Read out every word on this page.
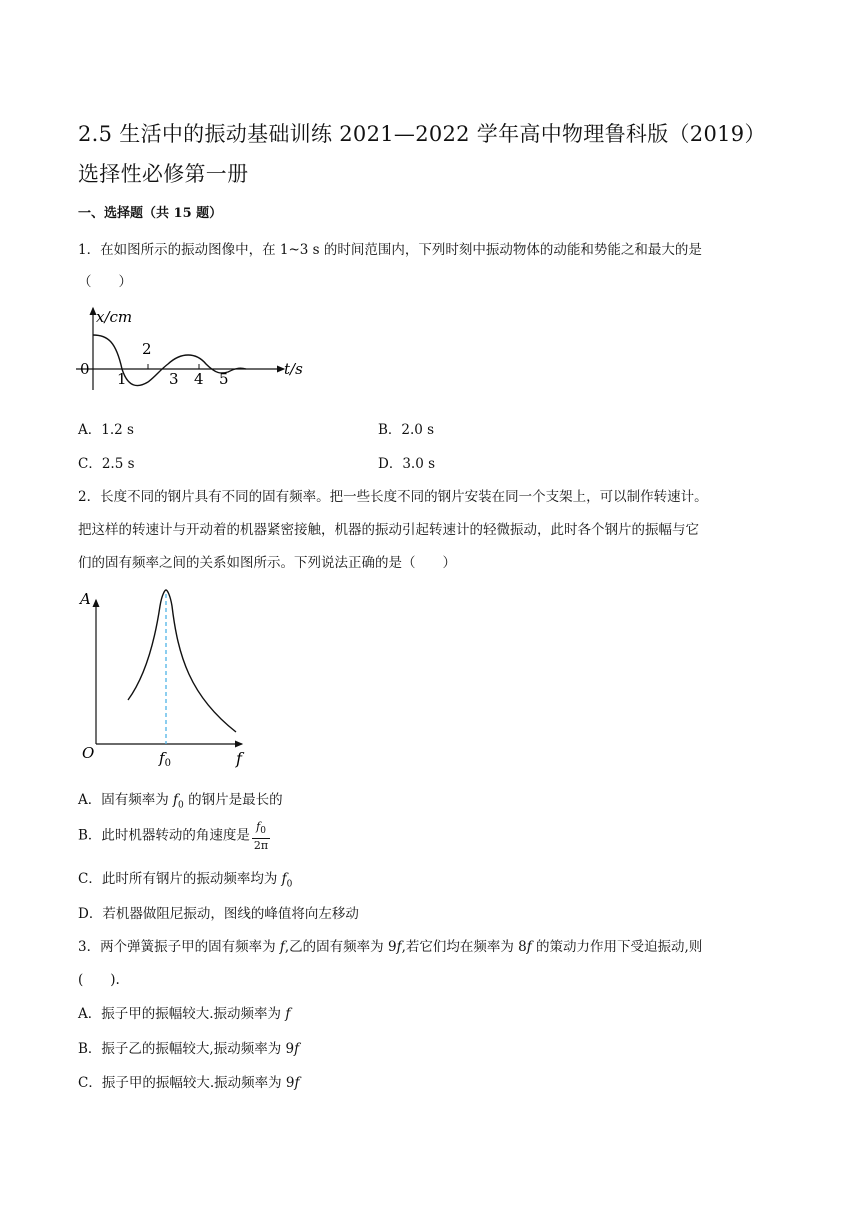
2.5 生活中的振动基础训练 2021—2022 学年高中物理鲁科版（2019）
选择性必修第一册
一、选择题（共 15 题）
1．在如图所示的振动图像中，在 1~3 s 的时间范围内，下列时刻中振动物体的动能和势能之和最大的是
（　　）
x/cm
t/s
0
1
2
3 4 5
A．1.2 s	B．2.0 s
C．2.5 s	D．3.0 s
2．长度不同的钢片具有不同的固有频率。把一些长度不同的钢片安装在同一个支架上，可以制作转速计。
把这样的转速计与开动着的机器紧密接触，机器的振动引起转速计的轻微振动，此时各个钢片的振幅与它
们的固有频率之间的关系如图所示。下列说法正确的是（　　）
A
f
O	$f_0$
A．固有频率为 $f_0$ 的钢片是最长的
B．此时机器转动的角速度是 $\frac{f_0}{2\pi}$
C．此时所有钢片的振动频率均为 $f_0$
D．若机器做阻尼振动，图线的峰值将向左移动
3．两个弹簧振子甲的固有频率为 f,乙的固有频率为 9f,若它们均在频率为 8f 的策动力作用下受迫振动,则
(　　).
A．振子甲的振幅较大.振动频率为 f
B．振子乙的振幅较大,振动频率为 9f
C．振子甲的振幅较大.振动频率为 9f
